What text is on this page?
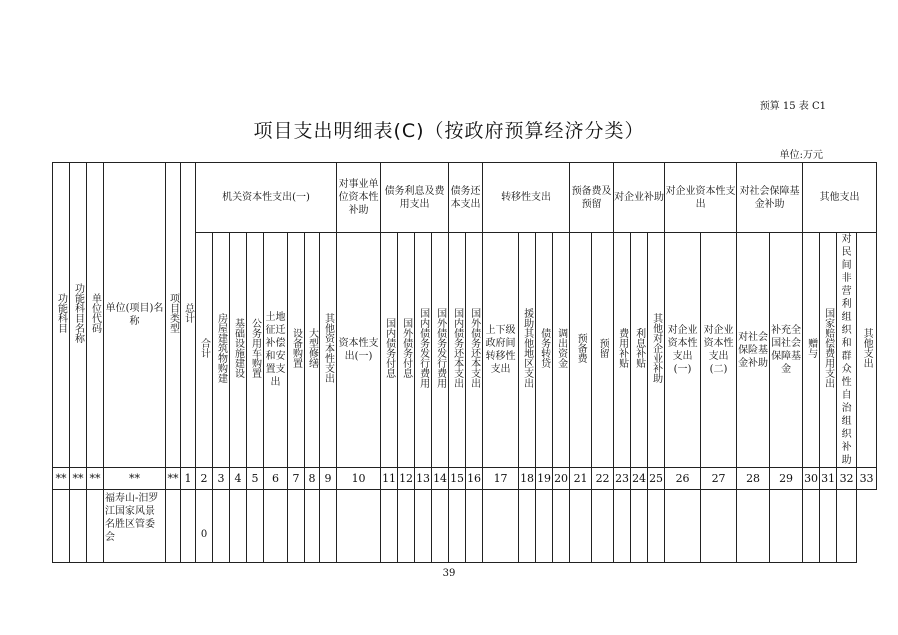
预算 15 表 C1
项目支出明细表(C)（按政府预算经济分类）
单位:万元
功能科目	功能科目名称	单位代码	单位(项目)名称	项目类型	总计	机关资本性支出(一)								对事业单位资本性补助	债务利息及费用支出				债务还本支出		转移性支出				预备费及预留		对企业补助			对企业资本性支出		对社会保障基金补助		其他支出			
						合计	房屋建筑物购建	基础设施建设	公务用车购置	土地征迁补偿和安置支出	设备购置	大型修缮	其他资本性支出	资本性支出(一)	国内债务付息	国外债务付息	国内债务发行费用	国外债务发行费用	国内债务还本支出	国外债务还本支出	上下级政府间转移性支出	援助其他地区支出	债务转贷	调出资金	预备费	预留	费用补贴	利息补贴	其他对企业补助	对企业资本性支出(一)	对企业资本性支出(二)	对社会保险基金补助	补充全国社会保障基金	赠与	国家赔偿费用支出	对民间非营利组织和群众性自治组织补助	其他支出
**	**	**	**	**	1	2	3	4	5	6	7	8	9	10	11	12	13	14	15	16	17	18	19	20	21	22	23	24	25	26	27	28	29	30	31	32	33
			福寿山-汨罗江国家风景名胜区管委会			0																															

39
